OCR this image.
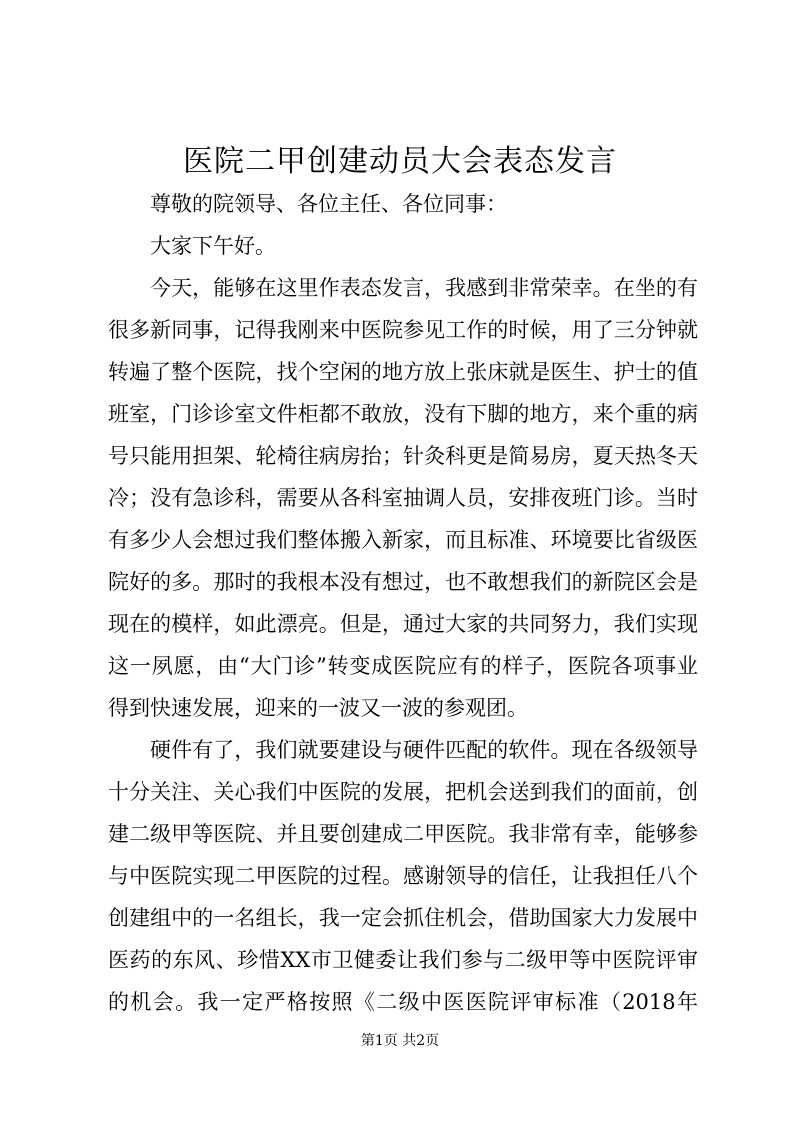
医院二甲创建动员大会表态发言

尊敬的院领导、各位主任、各位同事：

大家下午好。

今天，能够在这里作表态发言，我感到非常荣幸。在坐的有

很多新同事，记得我刚来中医院参见工作的时候，用了三分钟就

转遍了整个医院，找个空闲的地方放上张床就是医生、护士的值

班室，门诊诊室文件柜都不敢放，没有下脚的地方，来个重的病

号只能用担架、轮椅往病房抬；针灸科更是简易房，夏天热冬天

冷；没有急诊科，需要从各科室抽调人员，安排夜班门诊。当时

有多少人会想过我们整体搬入新家，而且标准、环境要比省级医

院好的多。那时的我根本没有想过，也不敢想我们的新院区会是

现在的模样，如此漂亮。但是，通过大家的共同努力，我们实现

这一夙愿，由“大门诊”转变成医院应有的样子，医院各项事业

得到快速发展，迎来的一波又一波的参观团。

硬件有了，我们就要建设与硬件匹配的软件。现在各级领导

十分关注、关心我们中医院的发展，把机会送到我们的面前，创

建二级甲等医院、并且要创建成二甲医院。我非常有幸，能够参

与中医院实现二甲医院的过程。感谢领导的信任，让我担任八个

创建组中的一名组长，我一定会抓住机会，借助国家大力发展中

医药的东风、珍惜XX市卫健委让我们参与二级甲等中医院评审

的机会。我一定严格按照《二级中医医院评审标准（2018年

第1页 共2页
